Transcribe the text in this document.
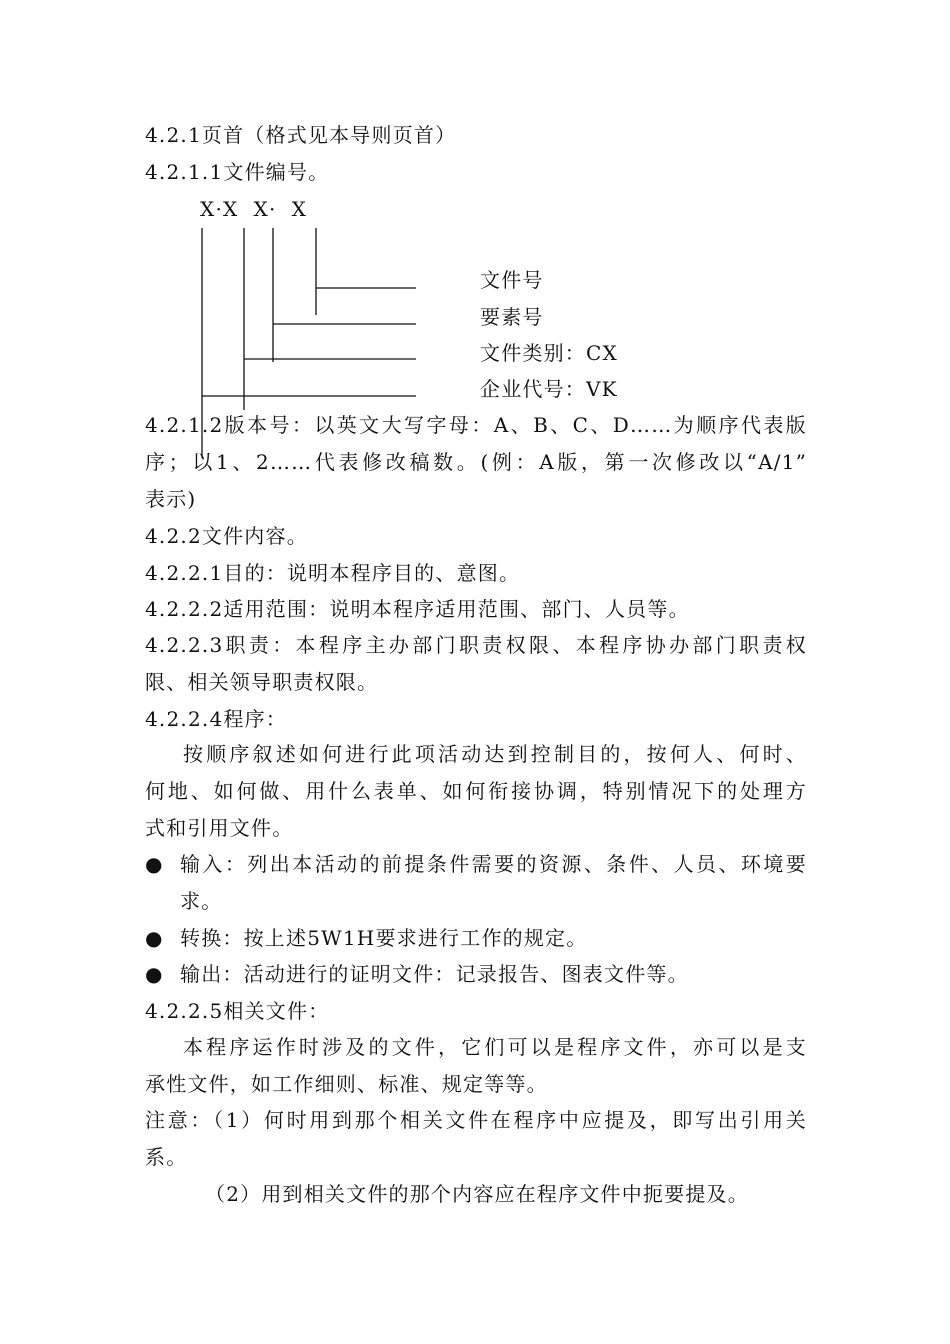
4.2.1页首（格式见本导则页首）
4.2.1.1文件编号。
X·X  X·  X
文件号
要素号
文件类别：CX
企业代号：VK
4.2.1.2版本号：以英文大写字母：A、B、C、D……为顺序代表版
序；以1、2……代表修改稿数。(例：A版，第一次修改以“A/1”
表示)
4.2.2文件内容。
4.2.2.1目的：说明本程序目的、意图。
4.2.2.2适用范围：说明本程序适用范围、部门、人员等。
4.2.2.3职责：本程序主办部门职责权限、本程序协办部门职责权
限、相关领导职责权限。
4.2.2.4程序：
按顺序叙述如何进行此项活动达到控制目的，按何人、何时、
何地、如何做、用什么表单、如何衔接协调，特别情况下的处理方
式和引用文件。
● 输入：列出本活动的前提条件需要的资源、条件、人员、环境要
求。
● 转换：按上述5W1H要求进行工作的规定。
● 输出：活动进行的证明文件：记录报告、图表文件等。
4.2.2.5相关文件：
本程序运作时涉及的文件，它们可以是程序文件，亦可以是支
承性文件，如工作细则、标准、规定等等。
注意：（1）何时用到那个相关文件在程序中应提及，即写出引用关
系。
（2）用到相关文件的那个内容应在程序文件中扼要提及。
